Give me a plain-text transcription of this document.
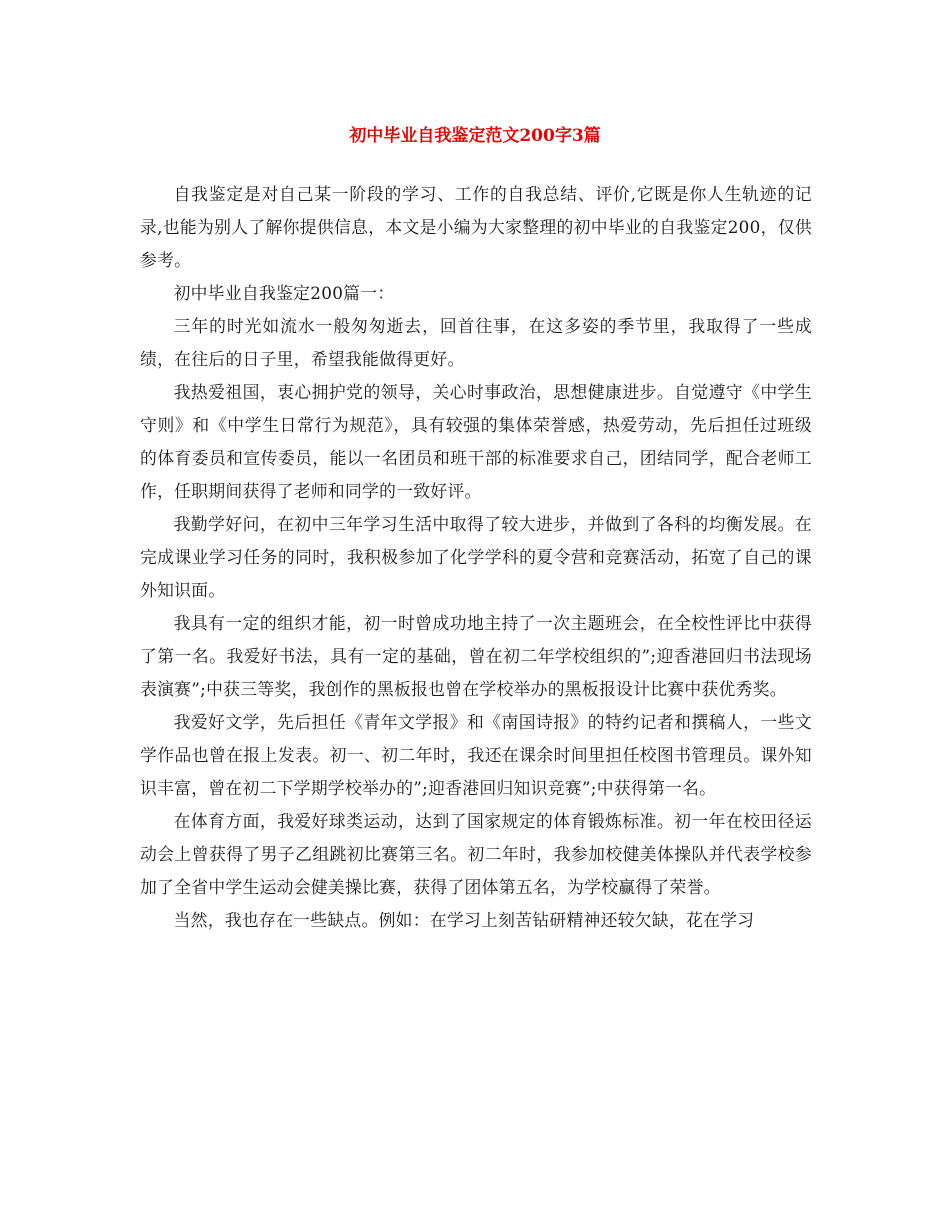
初中毕业自我鉴定范文200字3篇

自我鉴定是对自己某一阶段的学习、工作的自我总结、评价,它既是你人生轨迹的记录,也能为别人了解你提供信息，本文是小编为大家整理的初中毕业的自我鉴定200，仅供参考。

初中毕业自我鉴定200篇一：

三年的时光如流水一般匆匆逝去，回首往事，在这多姿的季节里，我取得了一些成绩，在往后的日子里，希望我能做得更好。

我热爱祖国，衷心拥护党的领导，关心时事政治，思想健康进步。自觉遵守《中学生守则》和《中学生日常行为规范》，具有较强的集体荣誉感，热爱劳动，先后担任过班级的体育委员和宣传委员，能以一名团员和班干部的标准要求自己，团结同学，配合老师工作，任职期间获得了老师和同学的一致好评。

我勤学好问，在初中三年学习生活中取得了较大进步，并做到了各科的均衡发展。在完成课业学习任务的同时，我积极参加了化学学科的夏令营和竞赛活动，拓宽了自己的课外知识面。

我具有一定的组织才能，初一时曾成功地主持了一次主题班会，在全校性评比中获得了第一名。我爱好书法，具有一定的基础，曾在初二年学校组织的”;迎香港回归书法现场表演赛”;中获三等奖，我创作的黑板报也曾在学校举办的黑板报设计比赛中获优秀奖。

我爱好文学，先后担任《青年文学报》和《南国诗报》的特约记者和撰稿人，一些文学作品也曾在报上发表。初一、初二年时，我还在课余时间里担任校图书管理员。课外知识丰富，曾在初二下学期学校举办的”;迎香港回归知识竞赛”;中获得第一名。

在体育方面，我爱好球类运动，达到了国家规定的体育锻炼标准。初一年在校田径运动会上曾获得了男子乙组跳初比赛第三名。初二年时，我参加校健美体操队并代表学校参加了全省中学生运动会健美操比赛，获得了团体第五名，为学校赢得了荣誉。

当然，我也存在一些缺点。例如：在学习上刻苦钻研精神还较欠缺，花在学习
